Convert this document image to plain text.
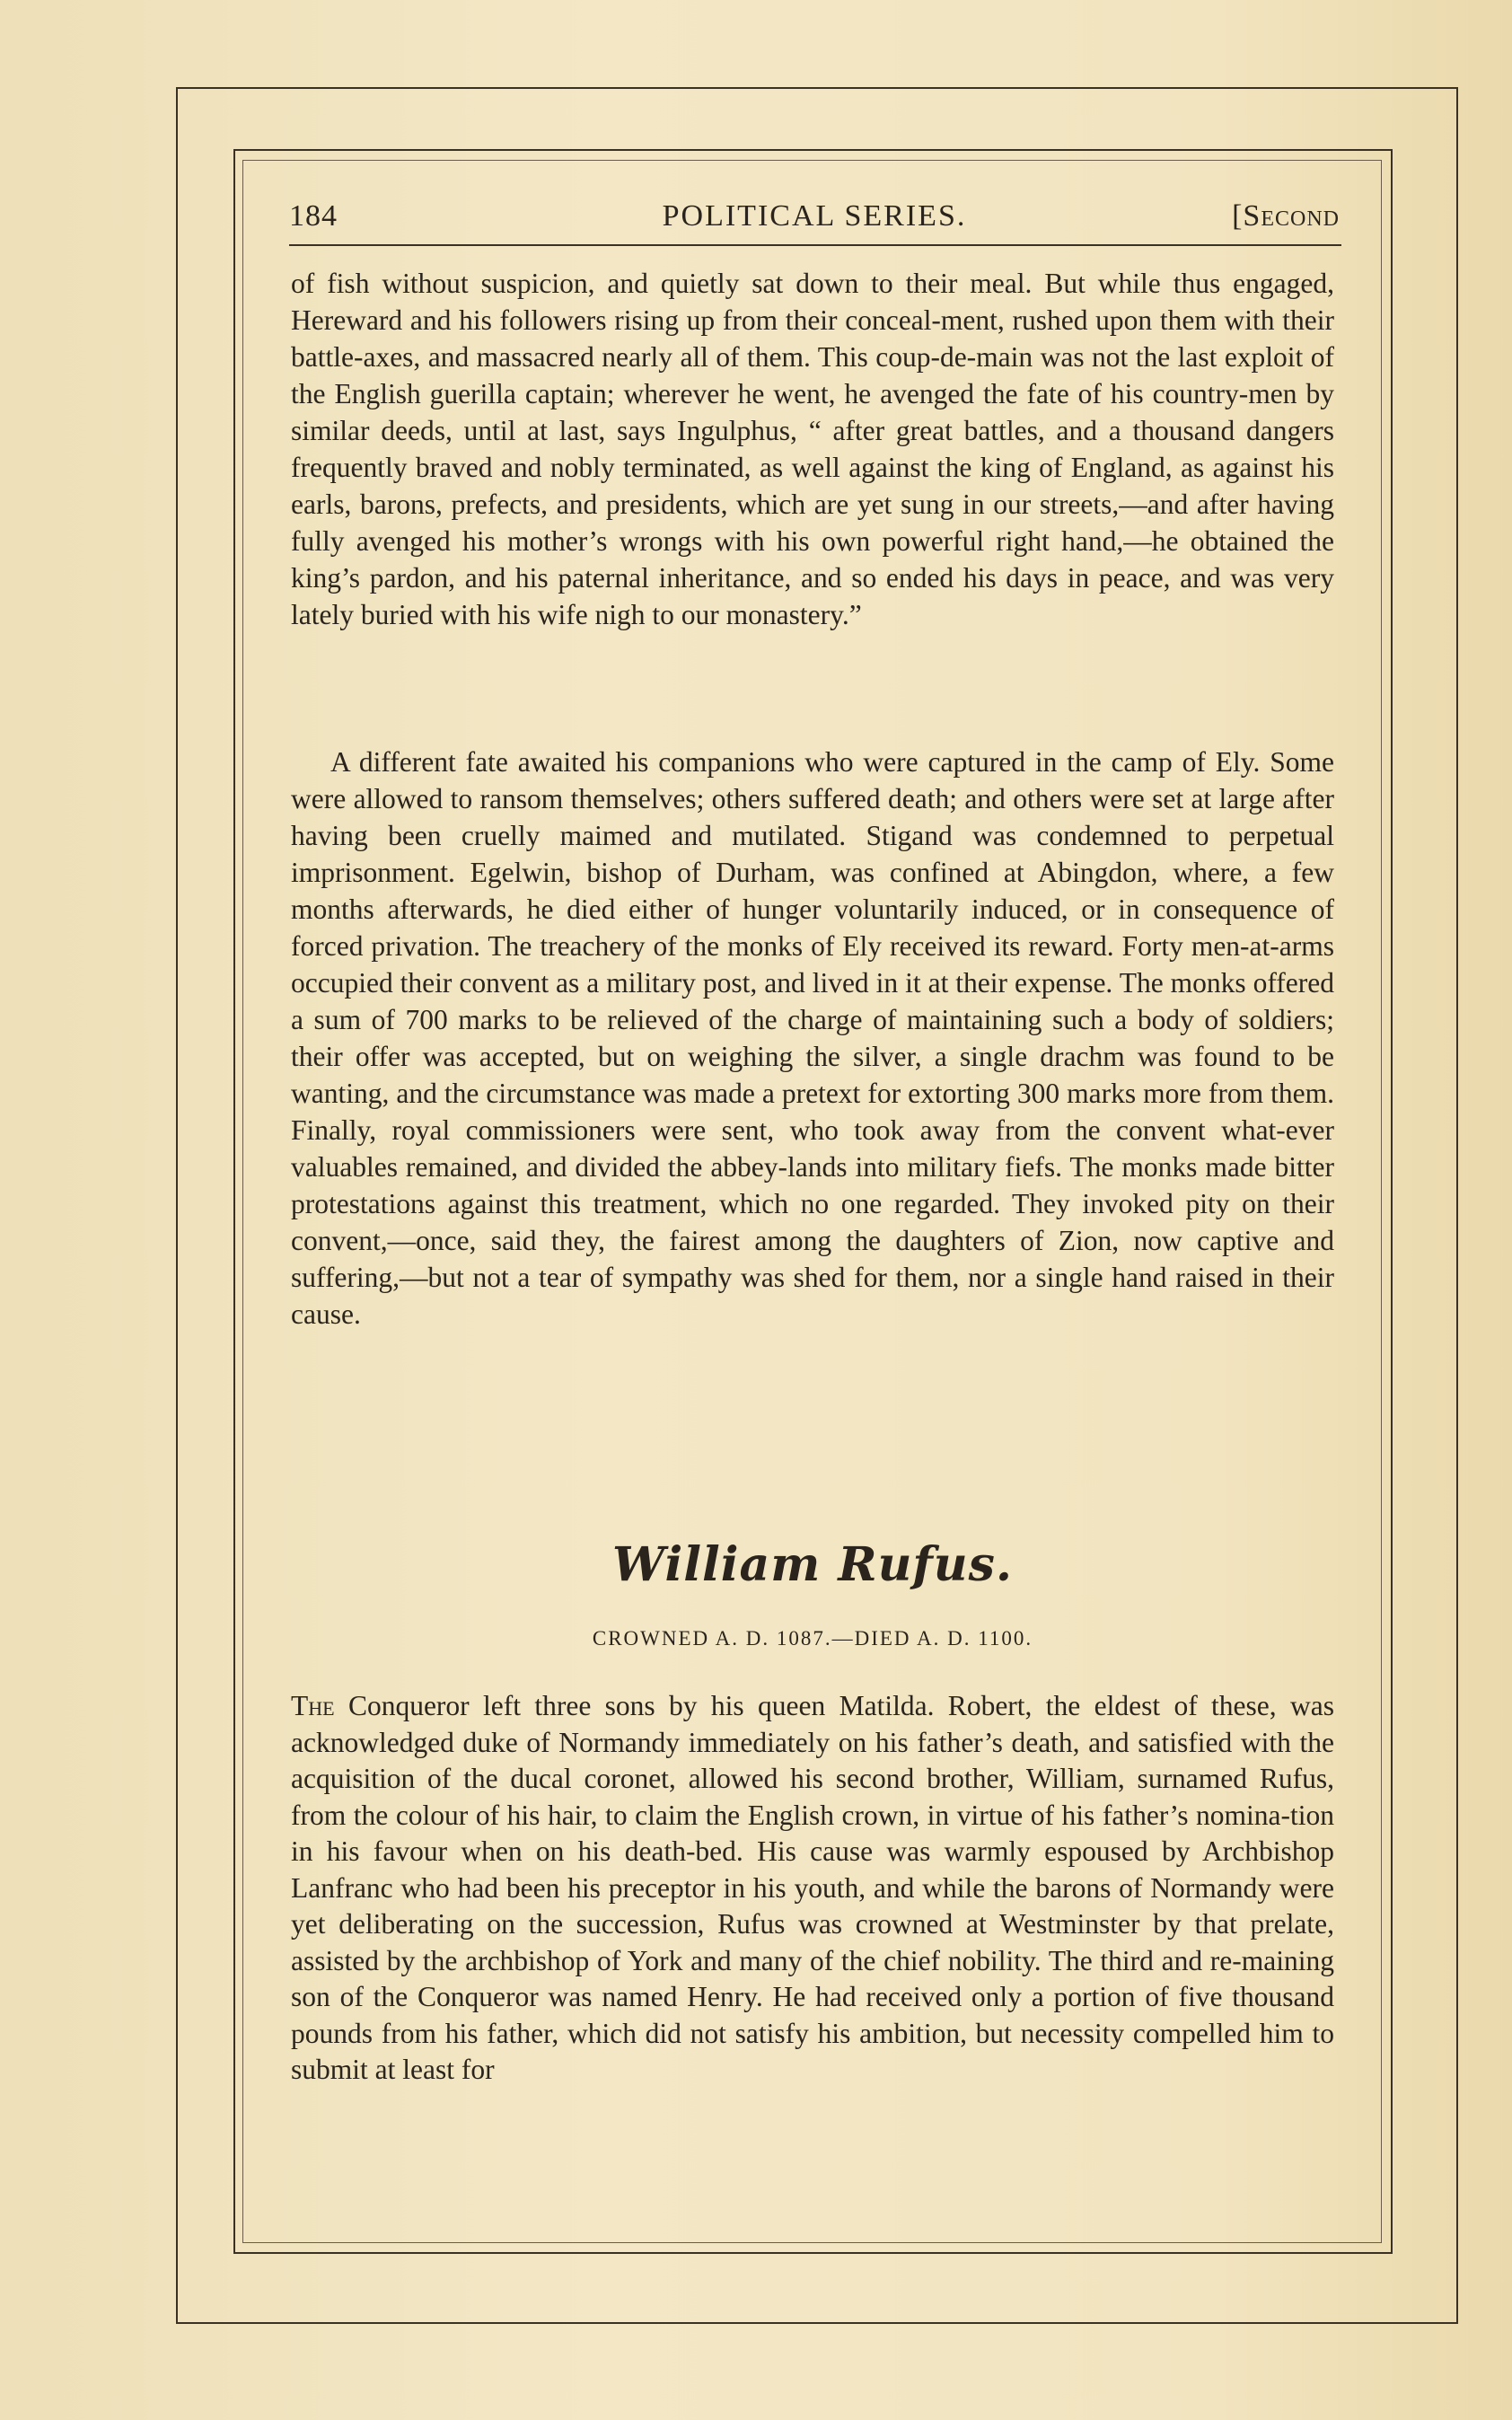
184	POLITICAL SERIES.	[Second

of fish without suspicion, and quietly sat down to their meal. But while thus engaged, Hereward and his followers rising up from their conceal-ment, rushed upon them with their battle-axes, and massacred nearly all of them. This coup-de-main was not the last exploit of the English guerilla captain; wherever he went, he avenged the fate of his country-men by similar deeds, until at last, says Ingulphus, “ after great battles, and a thousand dangers frequently braved and nobly terminated, as well against the king of England, as against his earls, barons, prefects, and presidents, which are yet sung in our streets,—and after having fully avenged his mother’s wrongs with his own powerful right hand,—he obtained the king’s pardon, and his paternal inheritance, and so ended his days in peace, and was very lately buried with his wife nigh to our monastery.”

A different fate awaited his companions who were captured in the camp of Ely. Some were allowed to ransom themselves; others suffered death; and others were set at large after having been cruelly maimed and mutilated. Stigand was condemned to perpetual imprisonment. Egelwin, bishop of Durham, was confined at Abingdon, where, a few months afterwards, he died either of hunger voluntarily induced, or in consequence of forced privation. The treachery of the monks of Ely received its reward. Forty men-at-arms occupied their convent as a military post, and lived in it at their expense. The monks offered a sum of 700 marks to be relieved of the charge of maintaining such a body of soldiers; their offer was accepted, but on weighing the silver, a single drachm was found to be wanting, and the circumstance was made a pretext for extorting 300 marks more from them. Finally, royal commissioners were sent, who took away from the convent what-ever valuables remained, and divided the abbey-lands into military fiefs. The monks made bitter protestations against this treatment, which no one regarded. They invoked pity on their convent,—once, said they, the fairest among the daughters of Zion, now captive and suffering,—but not a tear of sympathy was shed for them, nor a single hand raised in their cause.

William Rufus.
CROWNED A. D. 1087.—DIED A. D. 1100.

The Conqueror left three sons by his queen Matilda. Robert, the eldest of these, was acknowledged duke of Normandy immediately on his father’s death, and satisfied with the acquisition of the ducal coronet, allowed his second brother, William, surnamed Rufus, from the colour of his hair, to claim the English crown, in virtue of his father’s nomina-tion in his favour when on his death-bed. His cause was warmly espoused by Archbishop Lanfranc who had been his preceptor in his youth, and while the barons of Normandy were yet deliberating on the succession, Rufus was crowned at Westminster by that prelate, assisted by the archbishop of York and many of the chief nobility. The third and re-maining son of the Conqueror was named Henry. He had received only a portion of five thousand pounds from his father, which did not satisfy his ambition, but necessity compelled him to submit at least for
